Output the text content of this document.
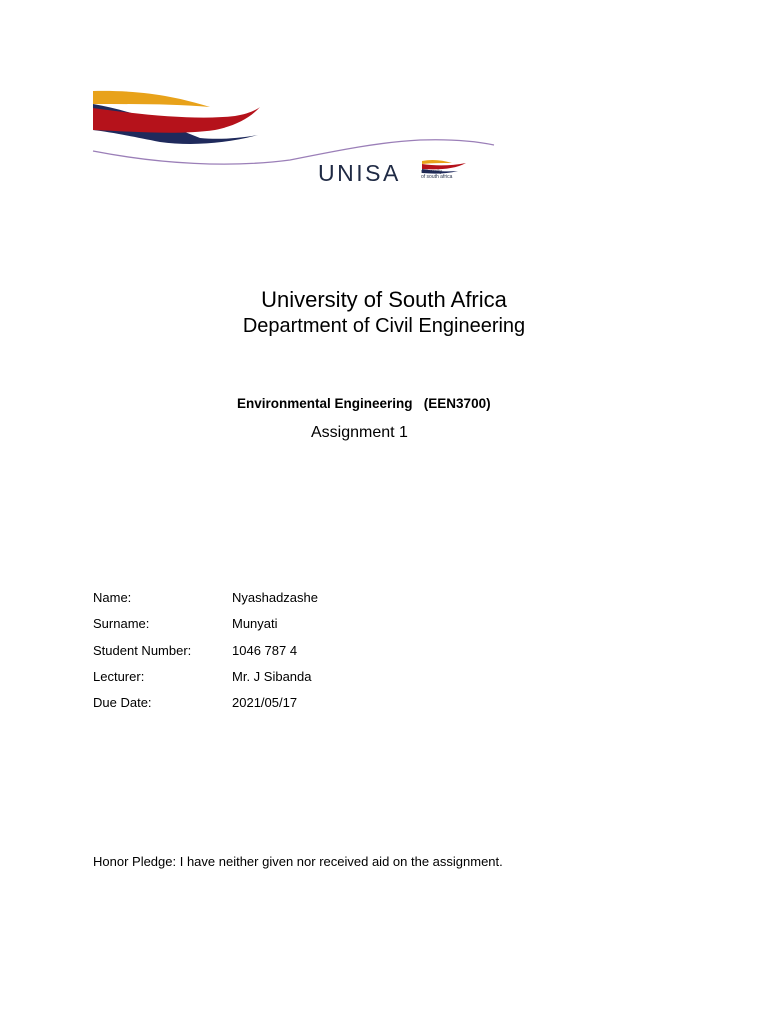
UNISA	university
of south africa
University of South Africa
Department of Civil Engineering
Environmental Engineering (EEN3700)
Assignment 1
Name:	Nyashadzashe
Surname:	Munyati
Student Number:	1046 787 4
Lecturer:	Mr. J Sibanda
Due Date:	2021/05/17
Honor Pledge: I have neither given nor received aid on the assignment.
